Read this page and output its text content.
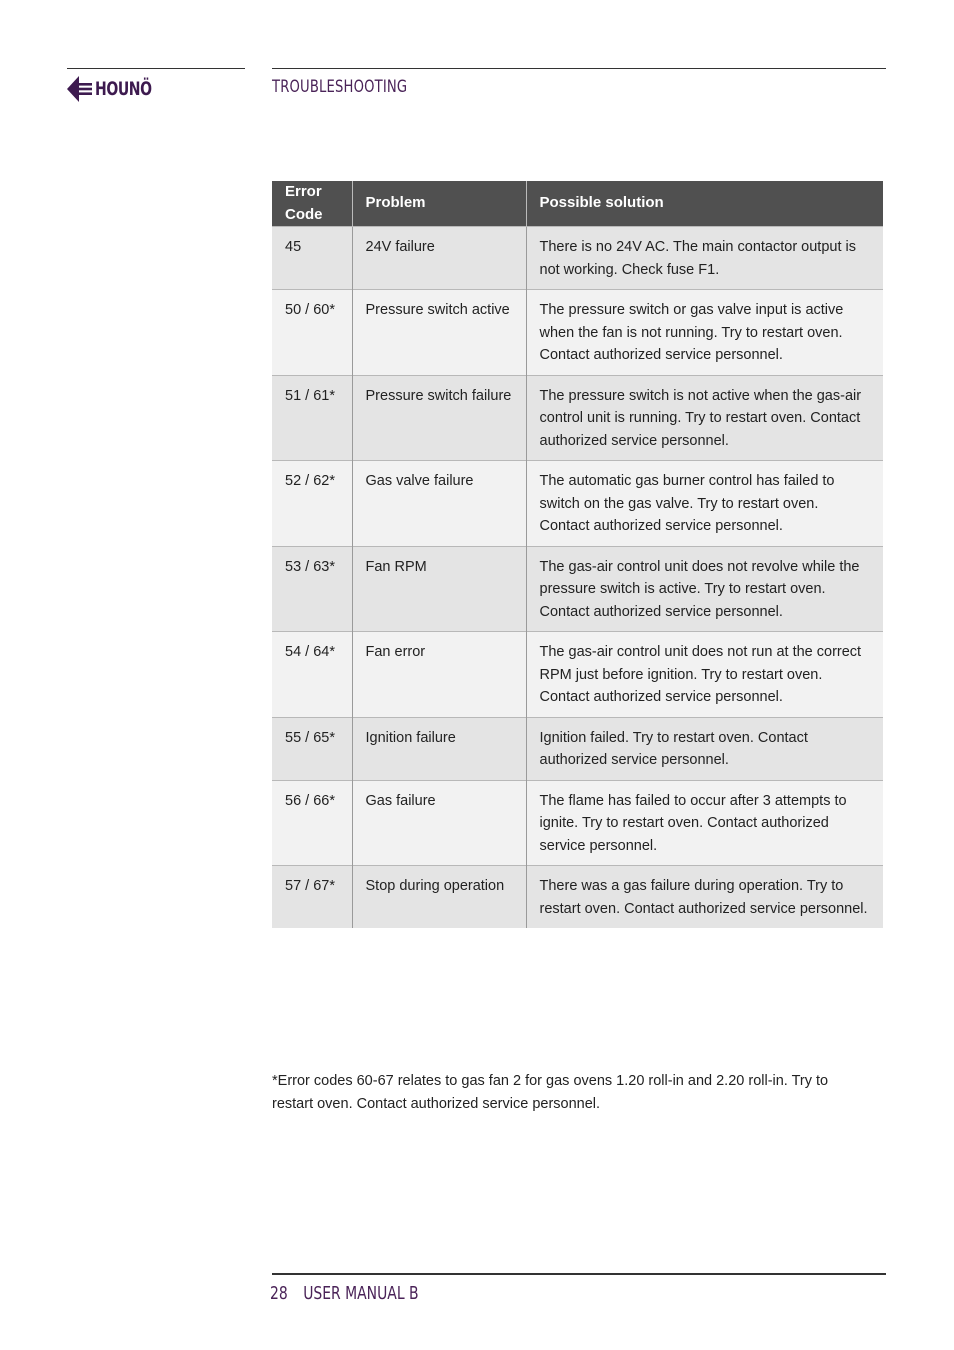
HOUNÖ	TROUBLESHOOTING
Error Code	Problem	Possible solution
45	24V failure	There is no 24V AC. The main contactor output is not working. Check fuse F1.
50 / 60*	Pressure switch active	The pressure switch or gas valve input is active when the fan is not running. Try to restart oven. Contact authorized service personnel.
51 / 61*	Pressure switch failure	The pressure switch is not active when the gas-air control unit is running. Try to restart oven. Contact authorized service personnel.
52 / 62*	Gas valve failure	The automatic gas burner control has failed to switch on the gas valve. Try to restart oven. Contact authorized service personnel.
53 / 63*	Fan RPM	The gas-air control unit does not revolve while the pressure switch is active. Try to restart oven. Contact authorized service personnel.
54 / 64*	Fan error	The gas-air control unit does not run at the correct RPM just before ignition. Try to restart oven. Contact authorized service personnel.
55 / 65*	Ignition failure	Ignition failed. Try to restart oven. Contact authorized service personnel.
56 / 66*	Gas failure	The flame has failed to occur after 3 attempts to ignite. Try to restart oven. Contact authorized service personnel.
57 / 67*	Stop during operation	There was a gas failure during operation. Try to restart oven. Contact authorized service personnel.
*Error codes 60-67 relates to gas fan 2 for gas ovens 1.20 roll-in and 2.20 roll-in. Try to restart oven. Contact authorized service personnel.
28 USER MANUAL B
